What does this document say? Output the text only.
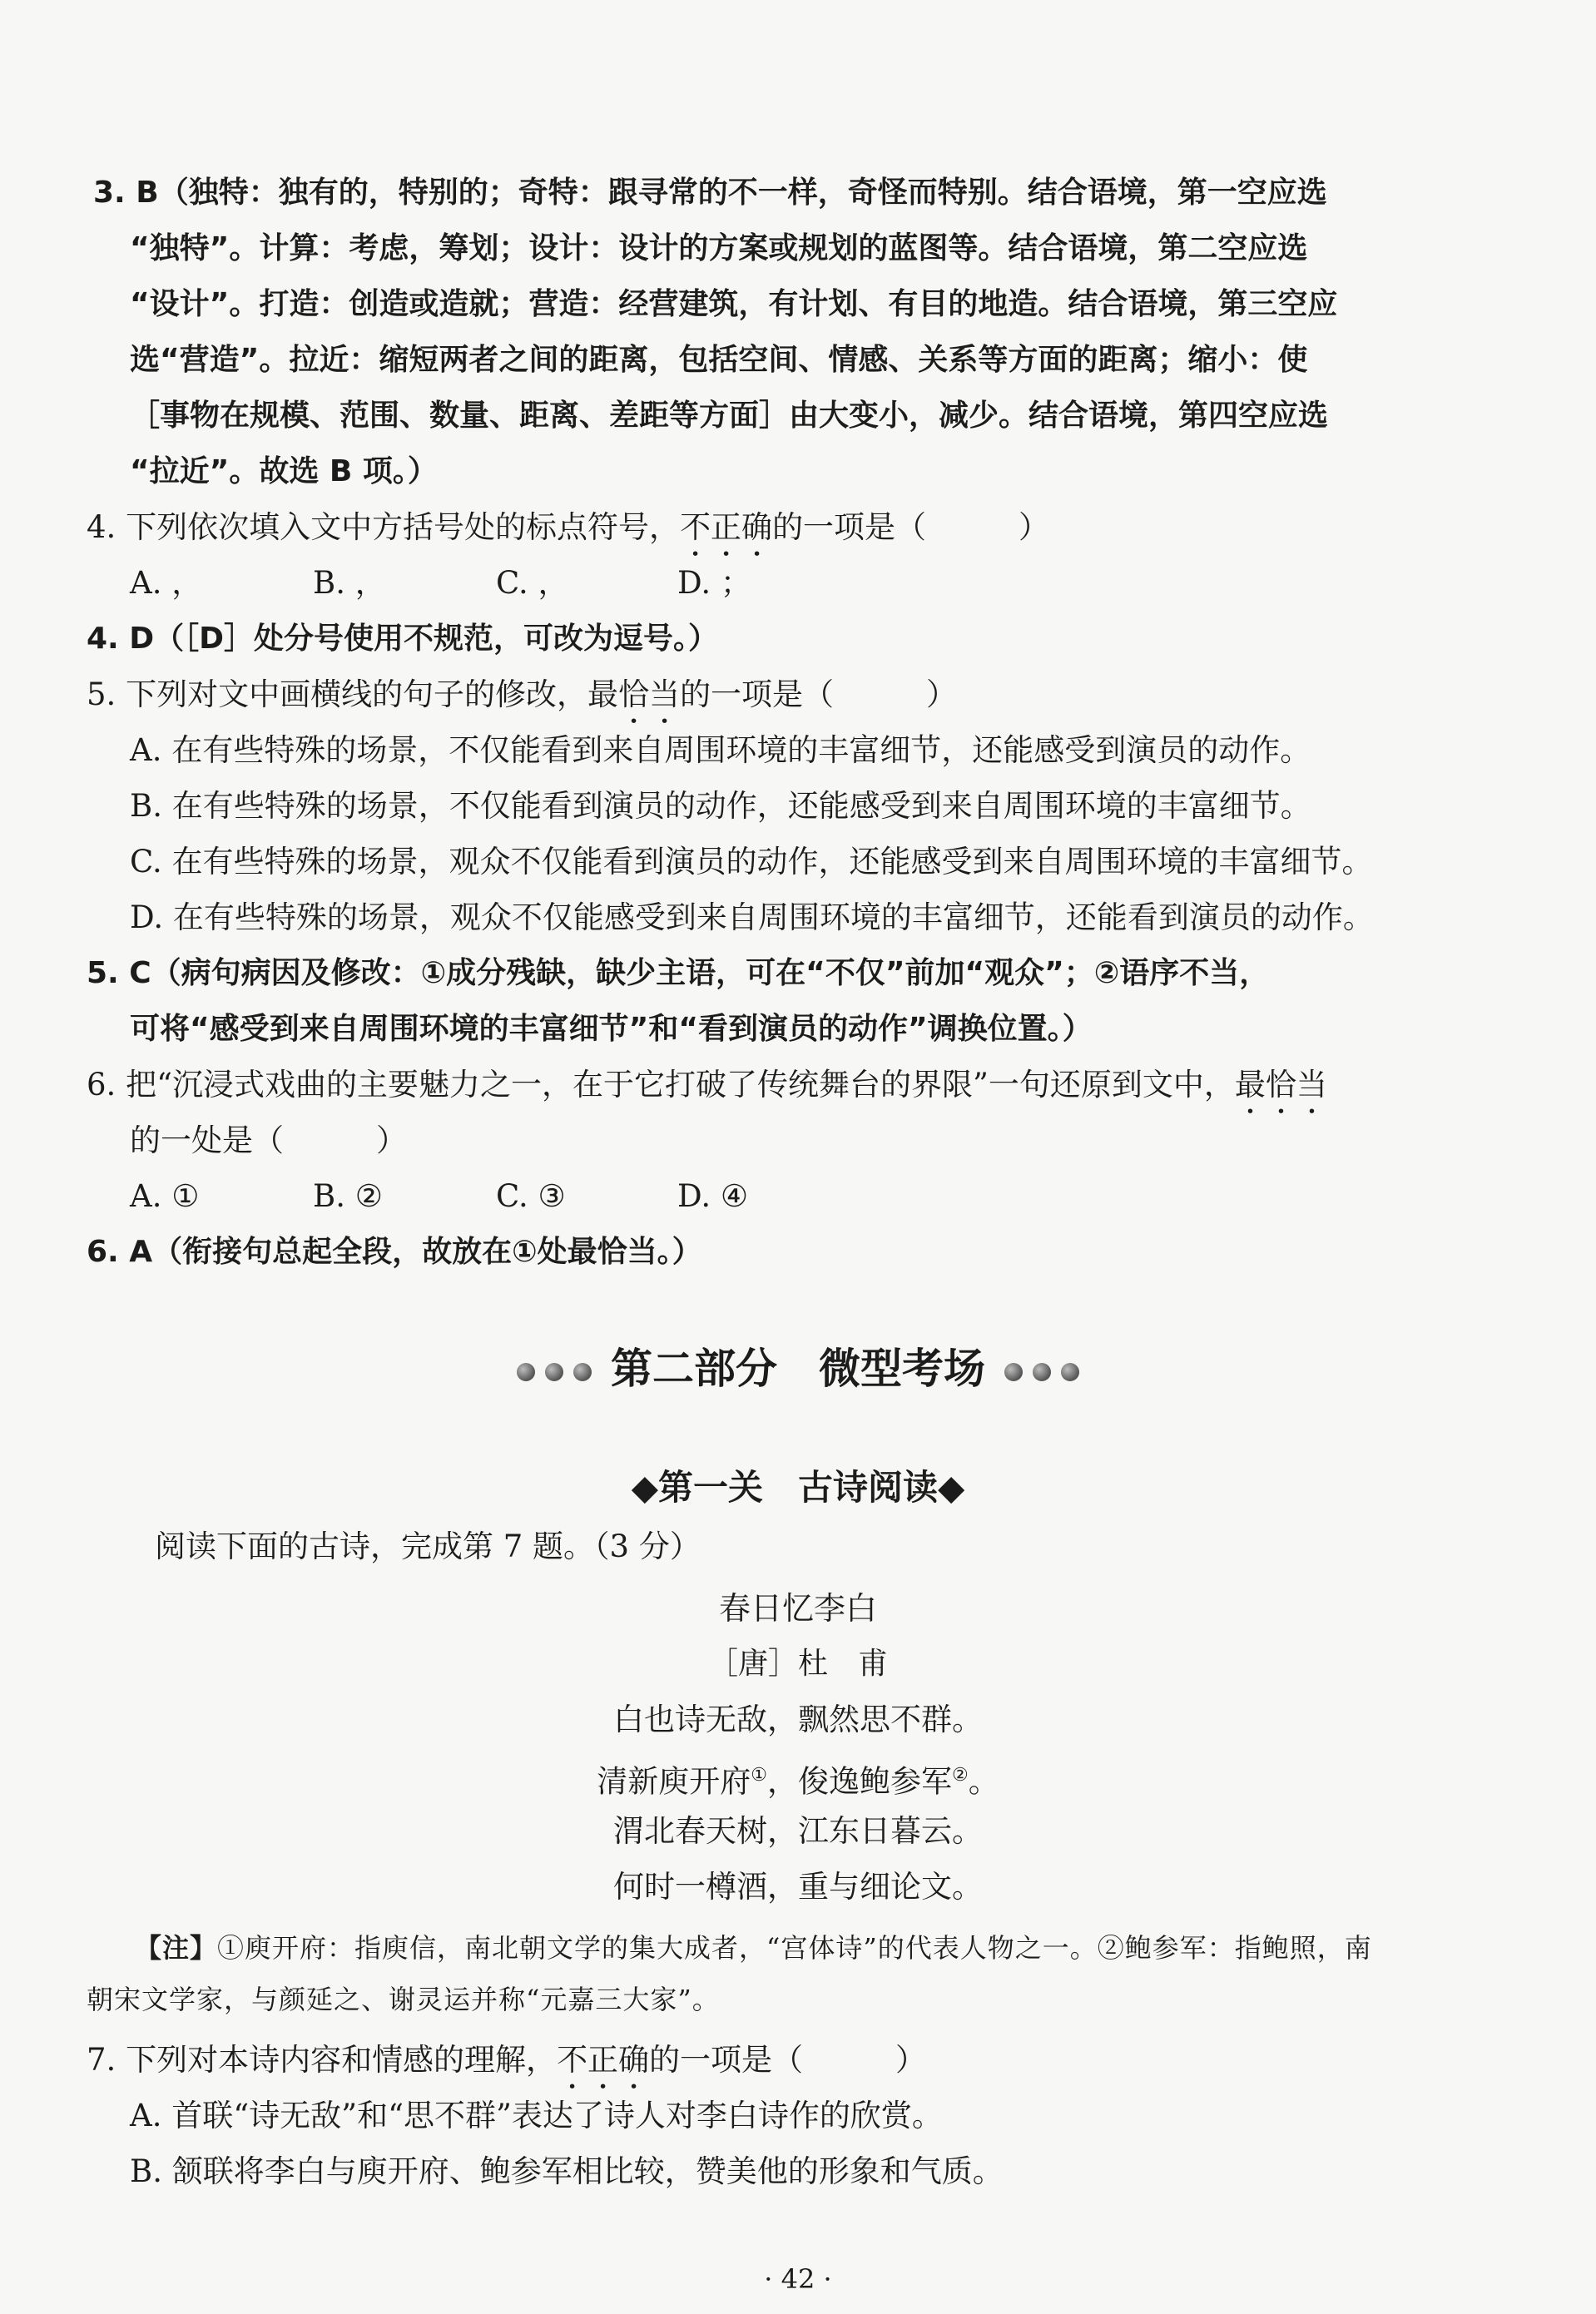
3. B（独特：独有的，特别的；奇特：跟寻常的不一样，奇怪而特别。结合语境，第一空应选
“独特”。计算：考虑，筹划；设计：设计的方案或规划的蓝图等。结合语境，第二空应选
“设计”。打造：创造或造就；营造：经营建筑，有计划、有目的地造。结合语境，第三空应
选“营造”。拉近：缩短两者之间的距离，包括空间、情感、关系等方面的距离；缩小：使
［事物在规模、范围、数量、距离、差距等方面］由大变小，减少。结合语境，第四空应选
“拉近”。故选 B 项。）
4. 下列依次填入文中方括号处的标点符号，不正确的一项是（　　　）
A. ，	B. ，	C. ，	D. ；
4. D（［D］处分号使用不规范，可改为逗号。）
5. 下列对文中画横线的句子的修改，最恰当的一项是（　　　）
A. 在有些特殊的场景，不仅能看到来自周围环境的丰富细节，还能感受到演员的动作。
B. 在有些特殊的场景，不仅能看到演员的动作，还能感受到来自周围环境的丰富细节。
C. 在有些特殊的场景，观众不仅能看到演员的动作，还能感受到来自周围环境的丰富细节。
D. 在有些特殊的场景，观众不仅能感受到来自周围环境的丰富细节，还能看到演员的动作。
5. C（病句病因及修改：①成分残缺，缺少主语，可在“不仅”前加“观众”；②语序不当，
可将“感受到来自周围环境的丰富细节”和“看到演员的动作”调换位置。）
6. 把“沉浸式戏曲的主要魅力之一，在于它打破了传统舞台的界限”一句还原到文中，最恰当
的一处是（　　　）
A. ①	B. ②	C. ③	D. ④
6. A（衔接句总起全段，故放在①处最恰当。）
第二部分　微型考场
◆第一关　古诗阅读◆
阅读下面的古诗，完成第 7 题。（3 分）
春日忆李白
［唐］杜　甫
白也诗无敌，飘然思不群。
清新庾开府①，俊逸鲍参军②。
渭北春天树，江东日暮云。
何时一樽酒，重与细论文。
【注】①庾开府：指庾信，南北朝文学的集大成者，“宫体诗”的代表人物之一。②鲍参军：指鲍照，南
朝宋文学家，与颜延之、谢灵运并称“元嘉三大家”。
7. 下列对本诗内容和情感的理解，不正确的一项是（　　　）
A. 首联“诗无敌”和“思不群”表达了诗人对李白诗作的欣赏。
B. 颔联将李白与庾开府、鲍参军相比较，赞美他的形象和气质。
· 42 ·
